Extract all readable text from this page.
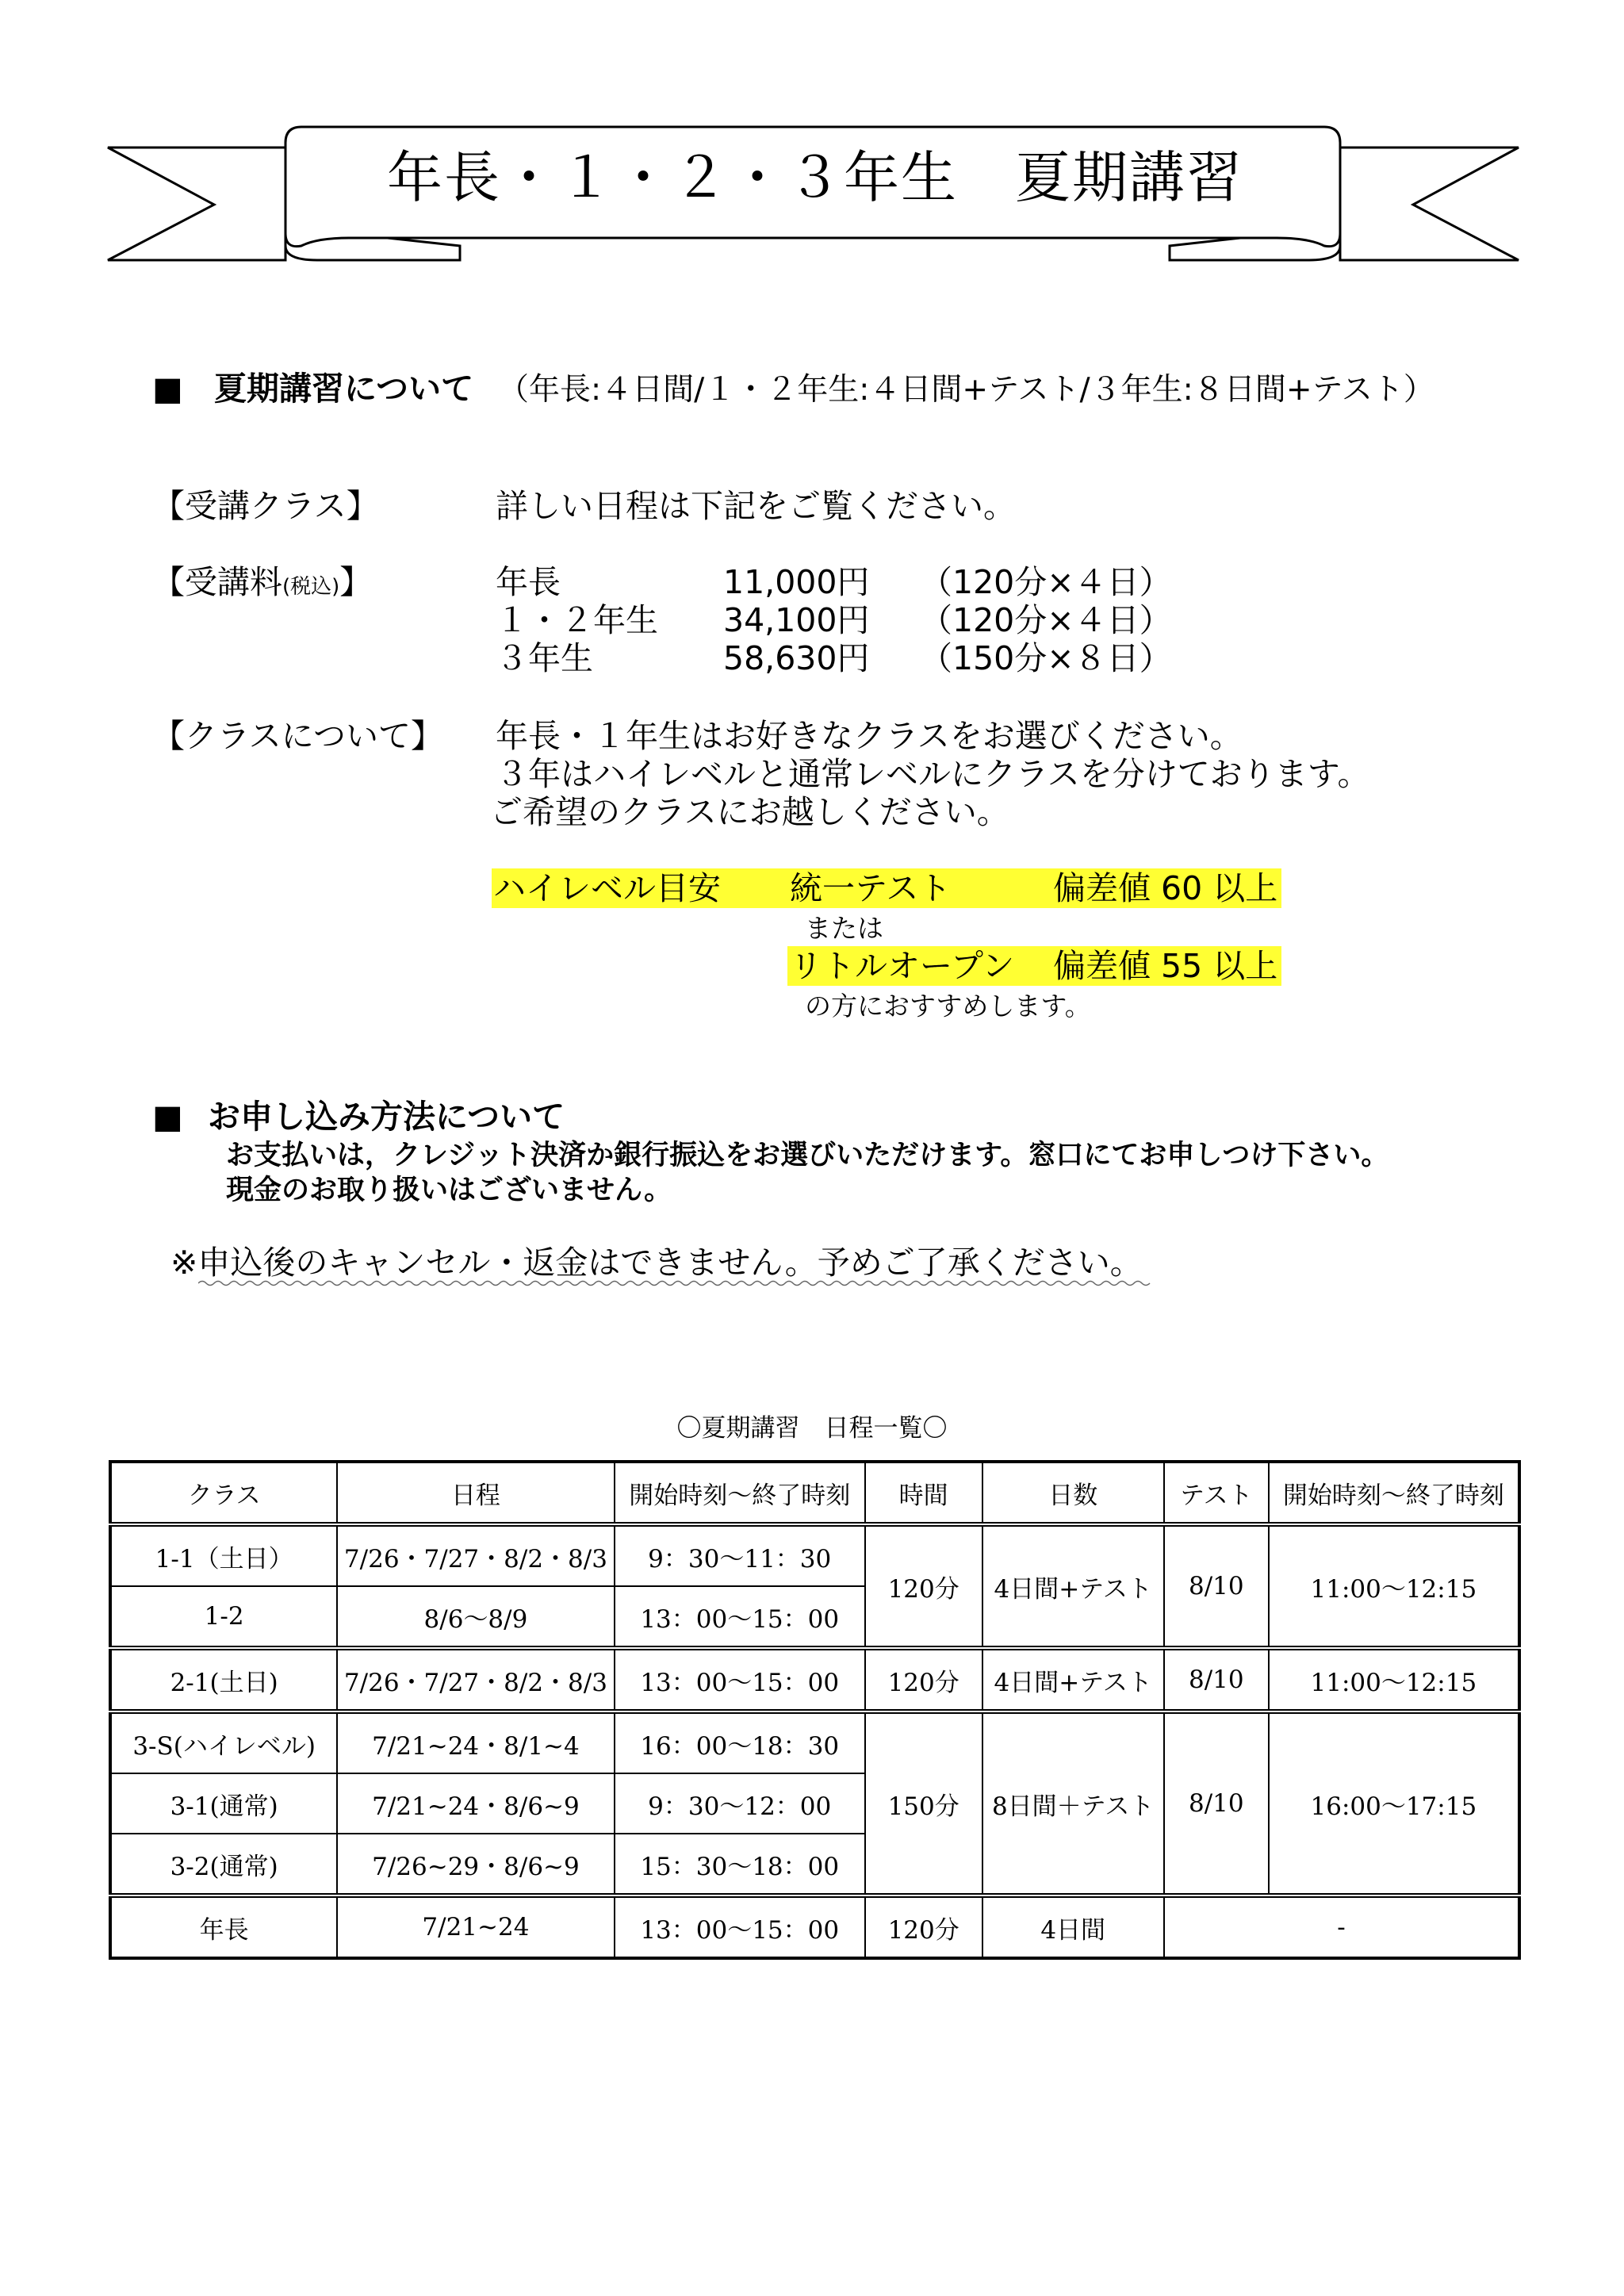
年長・１・２・３年生　夏期講習
■ 夏期講習について （年長:４日間/１・２年生:４日間+テスト/３年生:８日間+テスト）
【受講クラス】	詳しい日程は下記をご覧ください。
【受講料(税込)】	年長	11,000円 （120分×４日）
１・２年生 34,100円 （120分×４日）
３年生	58,630円 （150分×８日）
【クラスについて】 年長・１年生はお好きなクラスをお選びください。
３年はハイレベルと通常レベルにクラスを分けております。
ご希望のクラスにお越しください。
ハイレベル目安 統一テスト	偏差値 60 以上
または
リトルオープン 偏差値 55 以上
の方におすすめします。
■ お申し込み方法について
お支払いは，クレジット決済か銀行振込をお選びいただけます。窓口にてお申しつけ下さい。
現金のお取り扱いはございません。
※申込後のキャンセル・返金はできません。予めご了承ください。
〇夏期講習　日程一覧〇
クラス	日程	開始時刻～終了時刻	時間	日数	テスト	開始時刻～終了時刻
1-1（土日）	7/26・7/27・8/2・8/3	9：30～11：30	120分	4日間+テスト	8/10	11:00～12:15
1-2	8/6～8/9	13：00～15：00				
2-1(土日)	7/26・7/27・8/2・8/3	13：00～15：00	120分	4日間+テスト	8/10	11:00～12:15
3-S(ハイレベル)	7/21~24・8/1~4	16：00～18：30	150分	8日間＋テスト	8/10	16:00～17:15
3-1(通常)	7/21~24・8/6~9	9：30～12：00				
3-2(通常)	7/26~29・8/6~9	15：30～18：00				
年長	7/21~24	13：00～15：00	120分	4日間	-	
